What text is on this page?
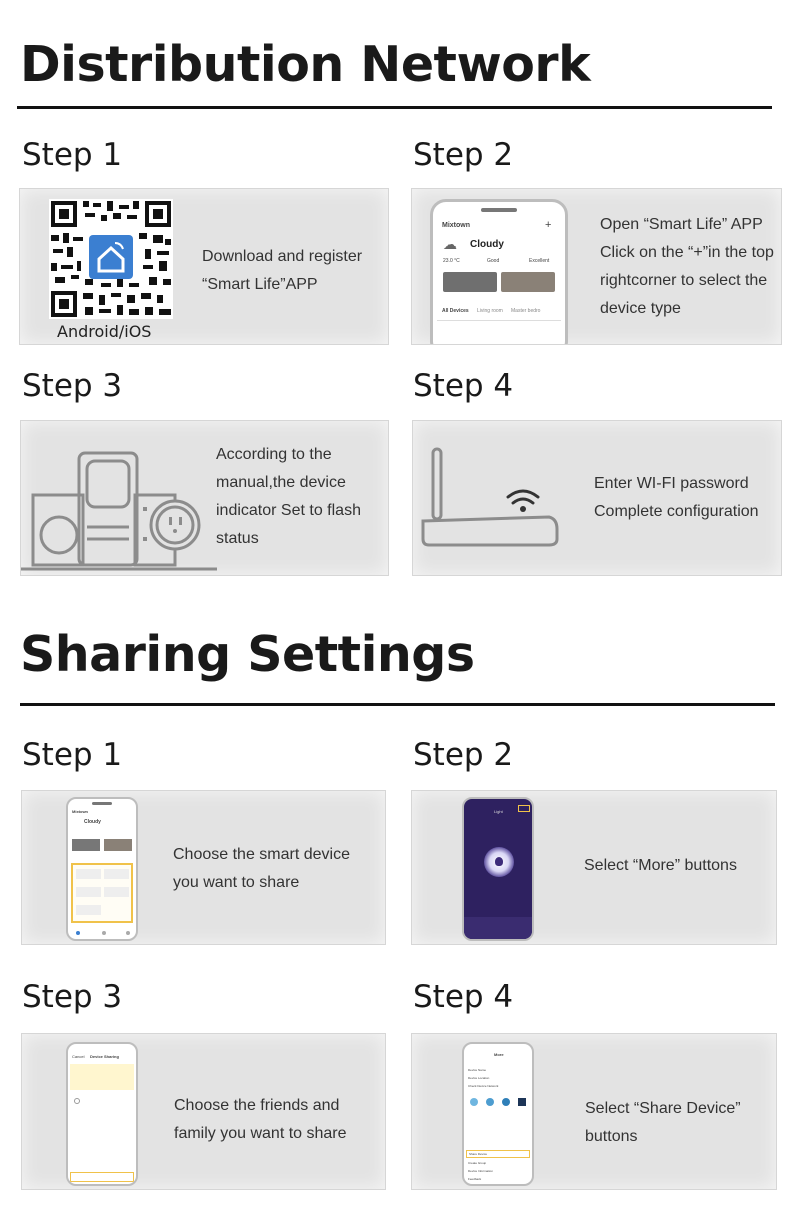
Distribution Network
Step 1	Step 2
Android/iOS
Download and register
“Smart Life”APP
Mixtown	+
☁ Cloudy
23.0 °C	Good	Excellent
All Devices Living room Master bedro
Open “Smart Life” APP
Click on the “+”in the top
rightcorner to select the
device type
Step 3	Step 4
According to the
manual,the device
indicator Set to flash
status
Enter WI-FI password
Complete configuration
Sharing Settings
Step 1	Step 2
Mixtown
Cloudy
Choose the smart device
you want to share
Light
Select “More” buttons
Step 3	Step 4
Cancel Device Sharing
Choose the friends and
family you want to share
More
Device Name
Device Location
Check Device Network
Share Device
Create Group
Device Information
Feedback
Select “Share Device”
buttons
